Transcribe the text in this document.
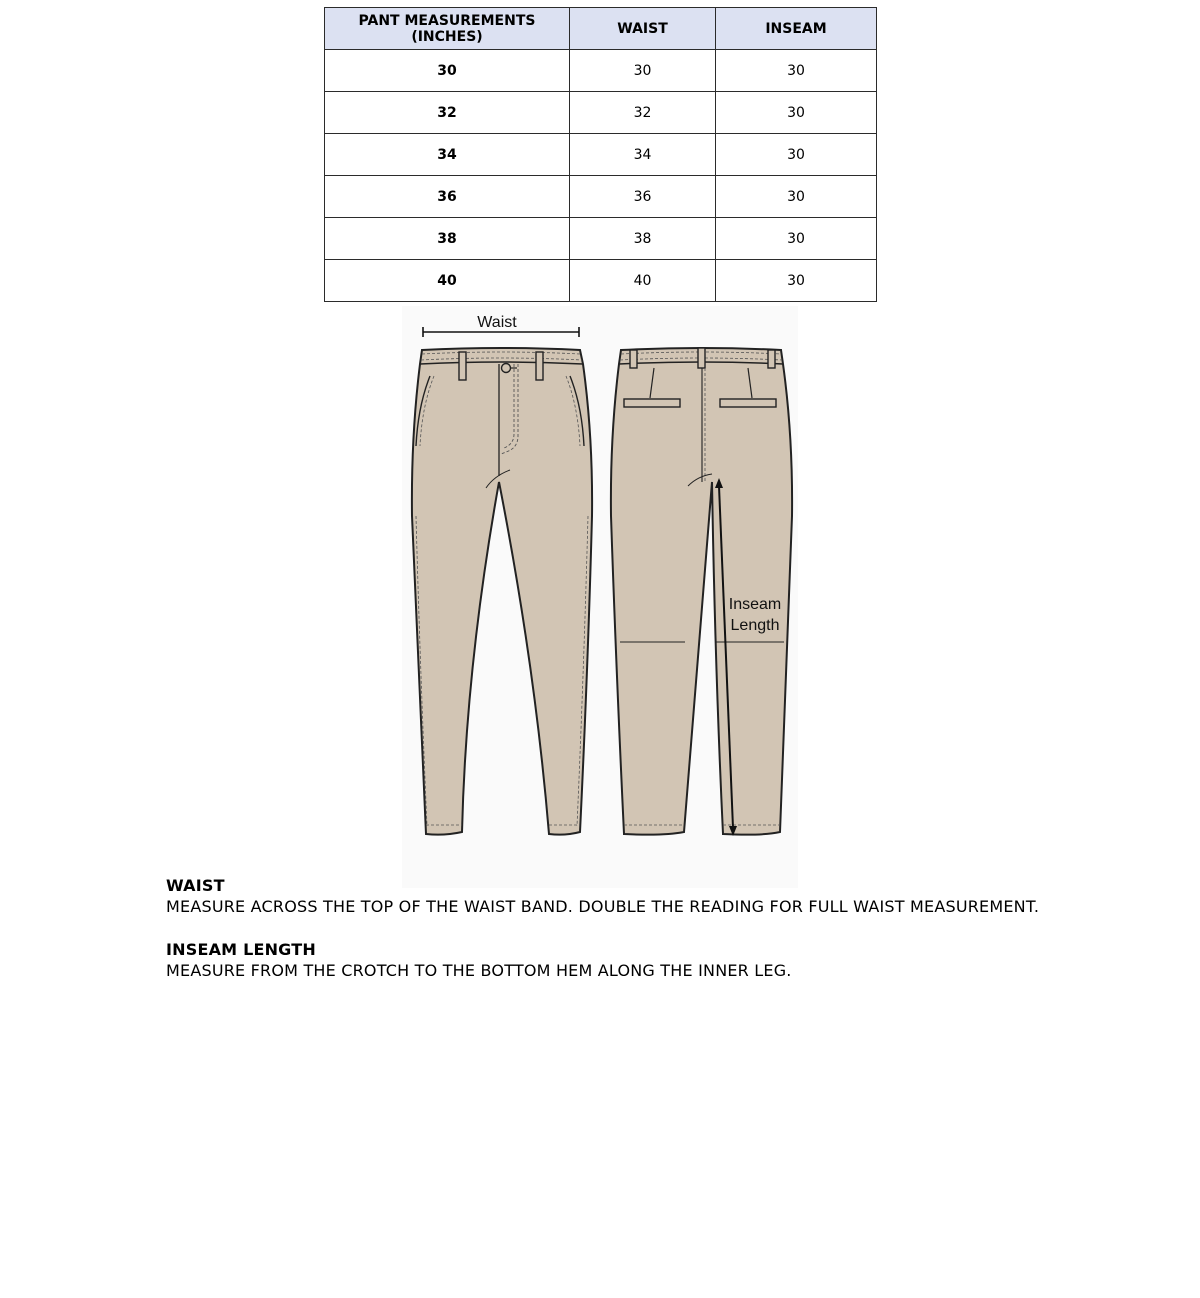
PANT MEASUREMENTS (INCHES)	WAIST	INSEAM
30	30	30
32	32	30
34	34	30
36	36	30
38	38	30
40	40	30
Waist
Inseam
Length
WAIST
MEASURE ACROSS THE TOP OF THE WAIST BAND. DOUBLE THE READING FOR FULL WAIST MEASUREMENT.
INSEAM LENGTH
MEASURE FROM THE CROTCH TO THE BOTTOM HEM ALONG THE INNER LEG.
